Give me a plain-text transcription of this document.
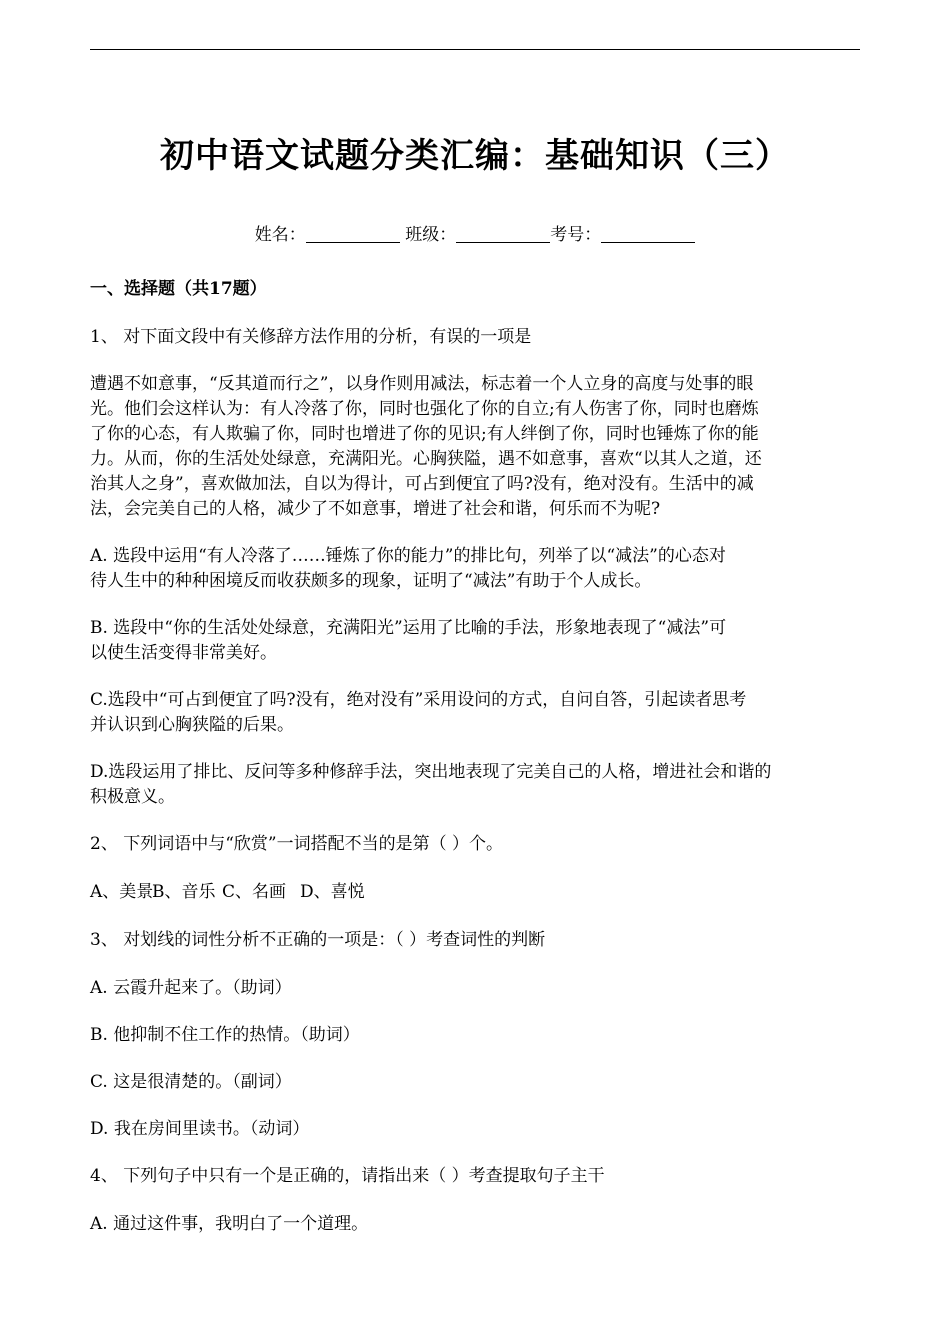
初中语文试题分类汇编：基础知识（三）
姓名：	班级：	考号：
一、选择题（共17题）
1、 对下面文段中有关修辞方法作用的分析，有误的一项是
遭遇不如意事，“反其道而行之”，以身作则用减法，标志着一个人立身的高度与处事的眼
光。他们会这样认为：有人冷落了你，同时也强化了你的自立;有人伤害了你，同时也磨炼
了你的心态，有人欺骗了你，同时也增进了你的见识;有人绊倒了你，同时也锤炼了你的能
力。从而，你的生活处处绿意，充满阳光。心胸狭隘，遇不如意事，喜欢“以其人之道，还
治其人之身”，喜欢做加法，自以为得计，可占到便宜了吗?没有，绝对没有。生活中的减
法，会完美自己的人格，减少了不如意事，增进了社会和谐，何乐而不为呢?
A. 选段中运用“有人冷落了……锤炼了你的能力”的排比句，列举了以“减法”的心态对
待人生中的种种困境反而收获颇多的现象，证明了“减法”有助于个人成长。
B. 选段中“你的生活处处绿意，充满阳光”运用了比喻的手法，形象地表现了“减法”可
以使生活变得非常美好。
C.选段中“可占到便宜了吗?没有，绝对没有”采用设问的方式，自问自答，引起读者思考
并认识到心胸狭隘的后果。
D.选段运用了排比、反问等多种修辞手法，突出地表现了完美自己的人格，增进社会和谐的
积极意义。
2、 下列词语中与“欣赏”一词搭配不当的是第（ ）个。
A、美景B、音乐 C、名画 D、喜悦
3、 对划线的词性分析不正确的一项是：（ ）考查词性的判断
A. 云霞升起来了。（助词）
B. 他抑制不住工作的热情。（助词）
C. 这是很清楚的。（副词）
D. 我在房间里读书。（动词）
4、 下列句子中只有一个是正确的，请指出来（ ）考查提取句子主干
A. 通过这件事，我明白了一个道理。
